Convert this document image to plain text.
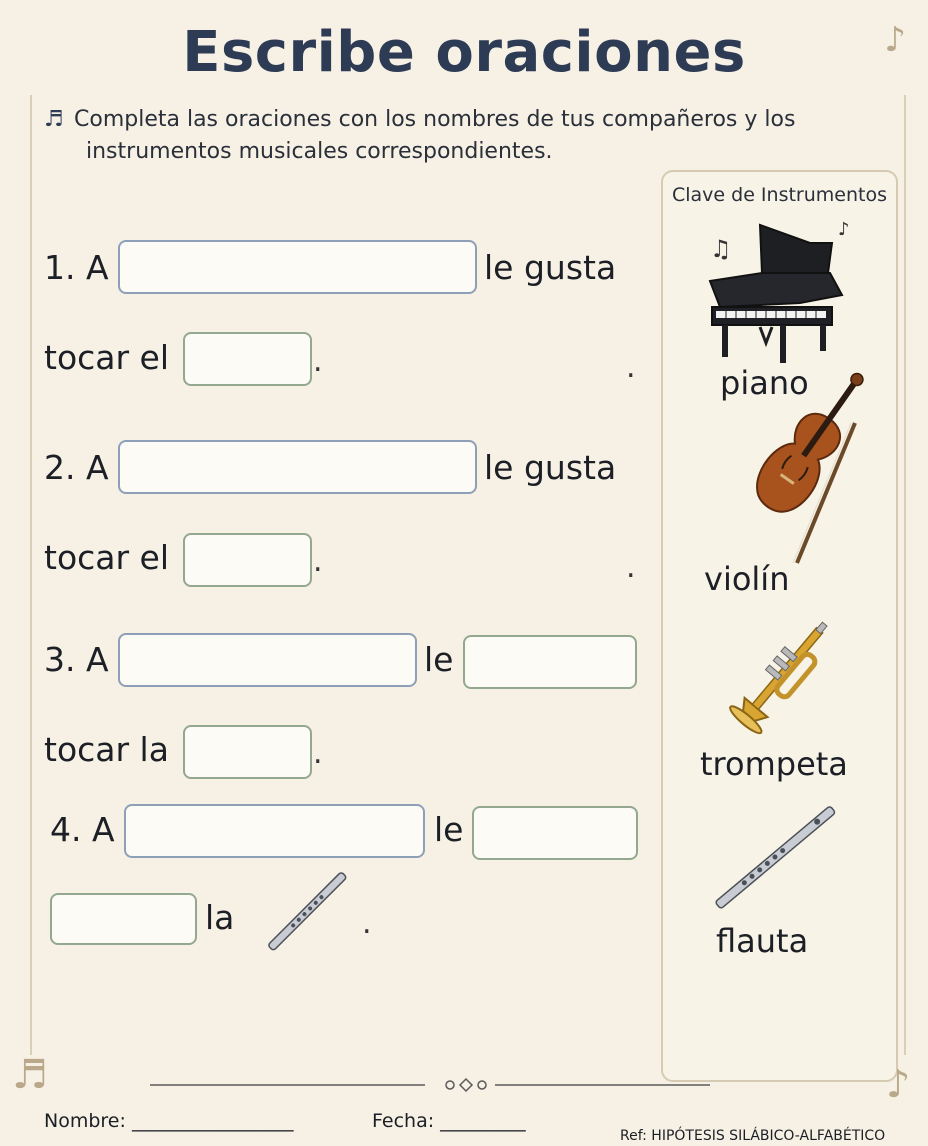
Escribe oraciones	♪
♬ Completa las oraciones con los nombres de tus compañeros y los
instrumentos musicales correspondientes.
1. A	le gusta
tocar el	.	.
2. A	le gusta
tocar el	.	.
3. A	le
tocar la	.
4. A	le
la	.
Clave de Instrumentos
♫
♪
piano
violín
trompeta
flauta
♬	♪
Nombre: _________________	Fecha: _________
Ref: HIPÓTESIS SILÁBICO-ALFABÉTICO
